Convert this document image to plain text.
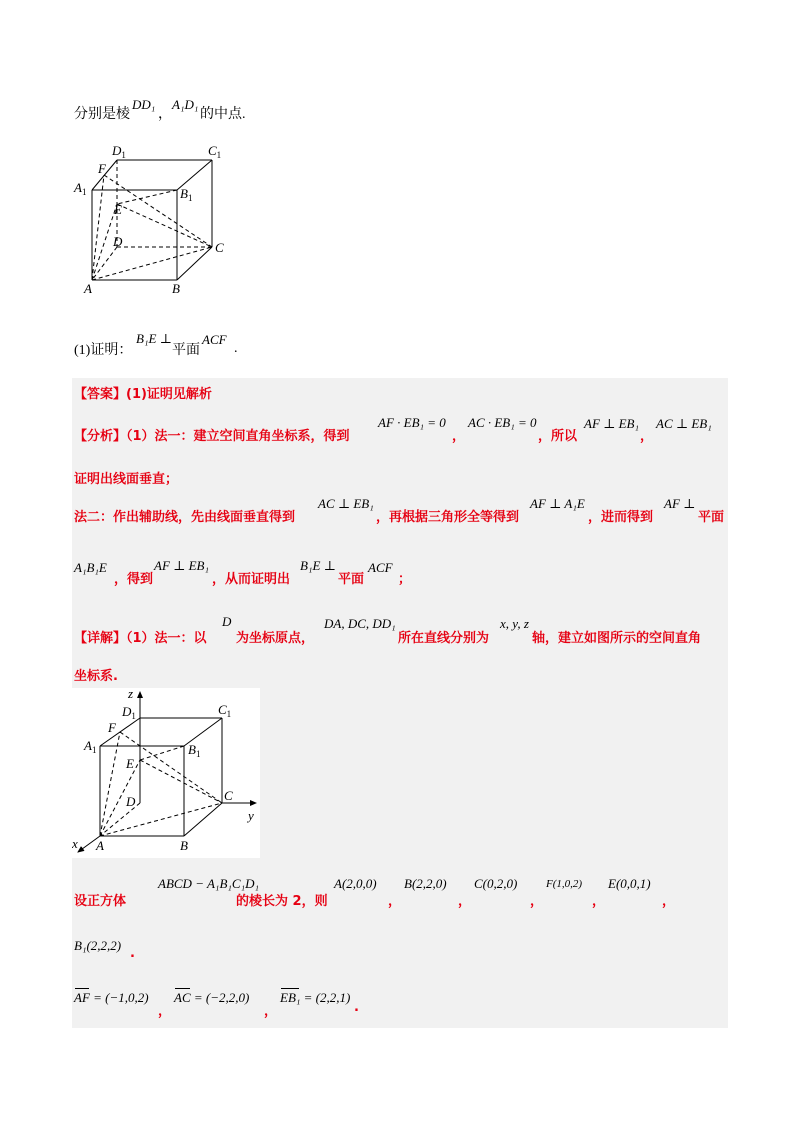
分别是棱
DD₁
，
A₁D₁
的中点.
$D_1$	$C_1$
$A_1$	$B_1$
F
E
D	C
A	B
(1)证明：
B₁E ⊥
平面
ACF
.
【答案】(1)证明见解析
【分析】（1）法一：建立空间直角坐标系，得到
AF · EB₁ = 0
，
AC · EB₁ = 0
，所以
AF ⊥ EB₁
，
AC ⊥ EB₁
证明出线面垂直；
法二：作出辅助线，先由线面垂直得到
AC ⊥ EB₁
，再根据三角形全等得到
AF ⊥ A₁E
，进而得到
AF ⊥
平面
A₁B₁E
，得到
AF ⊥ EB₁
，从而证明出
B₁E ⊥
平面
ACF
；
【详解】（1）法一：以
D
为坐标原点，
DA, DC, DD₁
所在直线分别为
x, y, z
轴，建立如图所示的空间直角
坐标系.
z
y
x
$D_1$	$C_1$
$A_1$	$B_1$
F
E
D	C
A	B
设正方体
ABCD − A₁B₁C₁D₁
的棱长为 2，则
A(2,0,0)
，
B(2,2,0)
，
C(0,2,0)
，
F(1,0,2)
，
E(0,0,1)
，
B₁(2,2,2)
.
AF = (−1,0,2)
，
AC = (−2,2,0)
，
EB₁ = (2,2,1)
.
